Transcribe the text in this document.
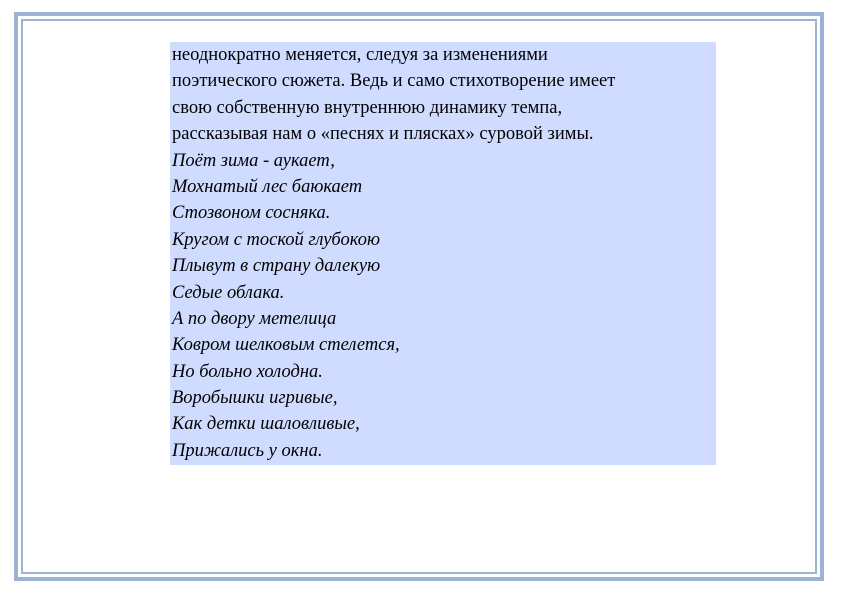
неоднократно меняется, следуя за изменениями
поэтического сюжета. Ведь и само стихотворение имеет
свою собственную внутреннюю динамику темпа,
рассказывая нам о «песнях и плясках» суровой зимы.
Поёт зима - аукает,
Мохнатый лес баюкает
Стозвоном сосняка.
Кругом с тоской глубокою
Плывут в страну далекую
Седые облака.
А по двору метелица
Ковром шелковым стелется,
Но больно холодна.
Воробышки игривые,
Как детки шаловливые,
Прижались у окна.
